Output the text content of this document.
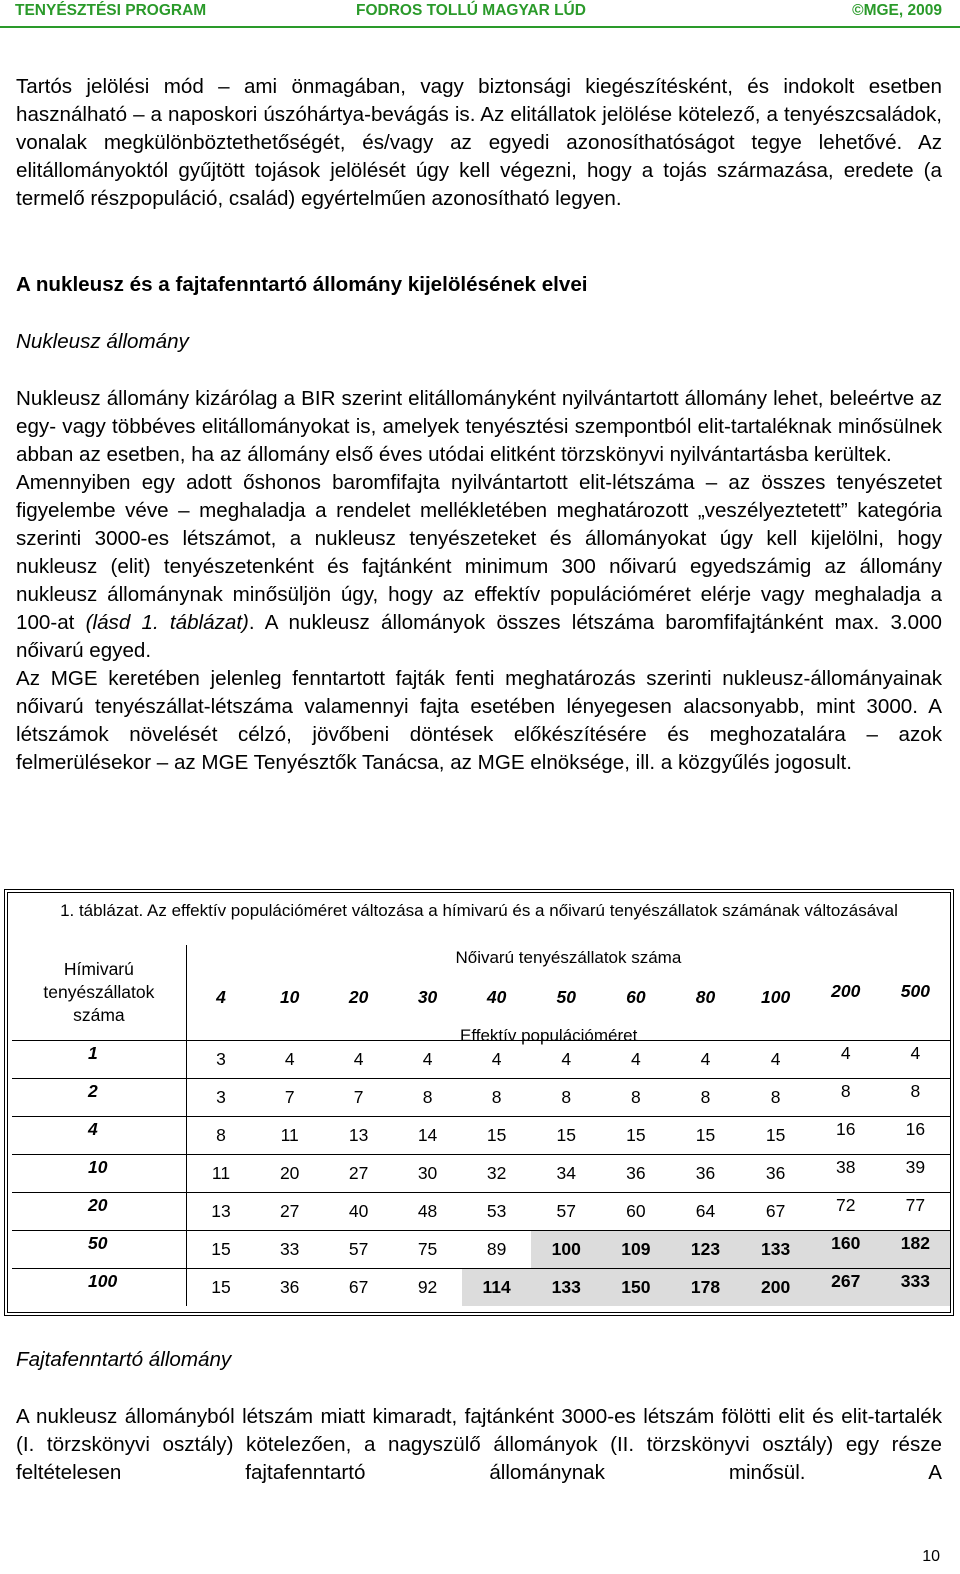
TENYÉSZTÉSI PROGRAM	FODROS TOLLÚ MAGYAR LÚD	©MGE, 2009

Tartós jelölési mód – ami önmagában, vagy biztonsági kiegészítésként, és indokolt esetben használható – a naposkori úszóhártya-bevágás is. Az elitállatok jelölése kötelező, a tenyészcsaládok, vonalak megkülönböztethetőségét, és/vagy az egyedi azonosíthatóságot tegye lehetővé. Az elitállományoktól gyűjtött tojások jelölését úgy kell végezni, hogy a tojás származása, eredete (a termelő részpopuláció, család) egyértelműen azonosítható legyen.

A nukleusz és a fajtafenntartó állomány kijelölésének elvei

Nukleusz állomány

Nukleusz állomány kizárólag a BIR szerint elitállományként nyilvántartott állomány lehet, beleértve az egy- vagy többéves elitállományokat is, amelyek tenyésztési szempontból elit-tartaléknak minősülnek abban az esetben, ha az állomány első éves utódai elitként törzskönyvi nyilvántartásba kerültek.

Amennyiben egy adott őshonos baromfifajta nyilvántartott elit-létszáma – az összes tenyészetet figyelembe véve – meghaladja a rendelet mellékletében meghatározott „veszélyeztetett” kategória szerinti 3000-es létszámot, a nukleusz tenyészeteket és állományokat úgy kell kijelölni, hogy nukleusz (elit) tenyészetenként és fajtánként minimum 300 nőivarú egyedszámig az állomány nukleusz állománynak minősüljön úgy, hogy az effektív populációméret elérje vagy meghaladja a 100-at (lásd 1. táblázat). A nukleusz állományok összes létszáma baromfifajtánként max. 3.000 nőivarú egyed.

Az MGE keretében jelenleg fenntartott fajták fenti meghatározás szerinti nukleusz-állományainak nőivarú tenyészállat-létszáma valamennyi fajta esetében lényegesen alacsonyabb, mint 3000. A létszámok növelését célzó, jövőbeni döntések előkészítésére és meghozatalára – azok felmerülésekor – az MGE Tenyésztők Tanácsa, az MGE elnöksége, ill. a közgyűlés jogosult.

1. táblázat. Az effektív populációméret változása a hímivarú és a nőivarú tenyészállatok számának változásával
Hímivarú tenyészállatok száma	Nőivarú tenyészállatok száma										

	4	10	20	30	40	50	60	80	100	200	500

1	3	4	4	4	4	4	4	4	4	4	4
2	3	7	7	8	8	8	8	8	8	8	8
4	8	11	13	14	15	15	15	15	15	16	16
10	11	20	27	30	32	34	36	36	36	38	39
20	13	27	40	48	53	57	60	64	67	72	77
50	15	33	57	75	89	100	109	123	133	160	182
100	15	36	67	92	114	133	150	178	200	267	333
Effektív populációméret

Fajtafenntartó állomány

A nukleusz állományból létszám miatt kimaradt, fajtánként 3000-es létszám fölötti elit és elit-tartalék (I. törzskönyvi osztály) kötelezően, a nagyszülő állományok (II. törzskönyvi osztály) egy része feltételesen fajtafenntartó állománynak minősül. A

10
